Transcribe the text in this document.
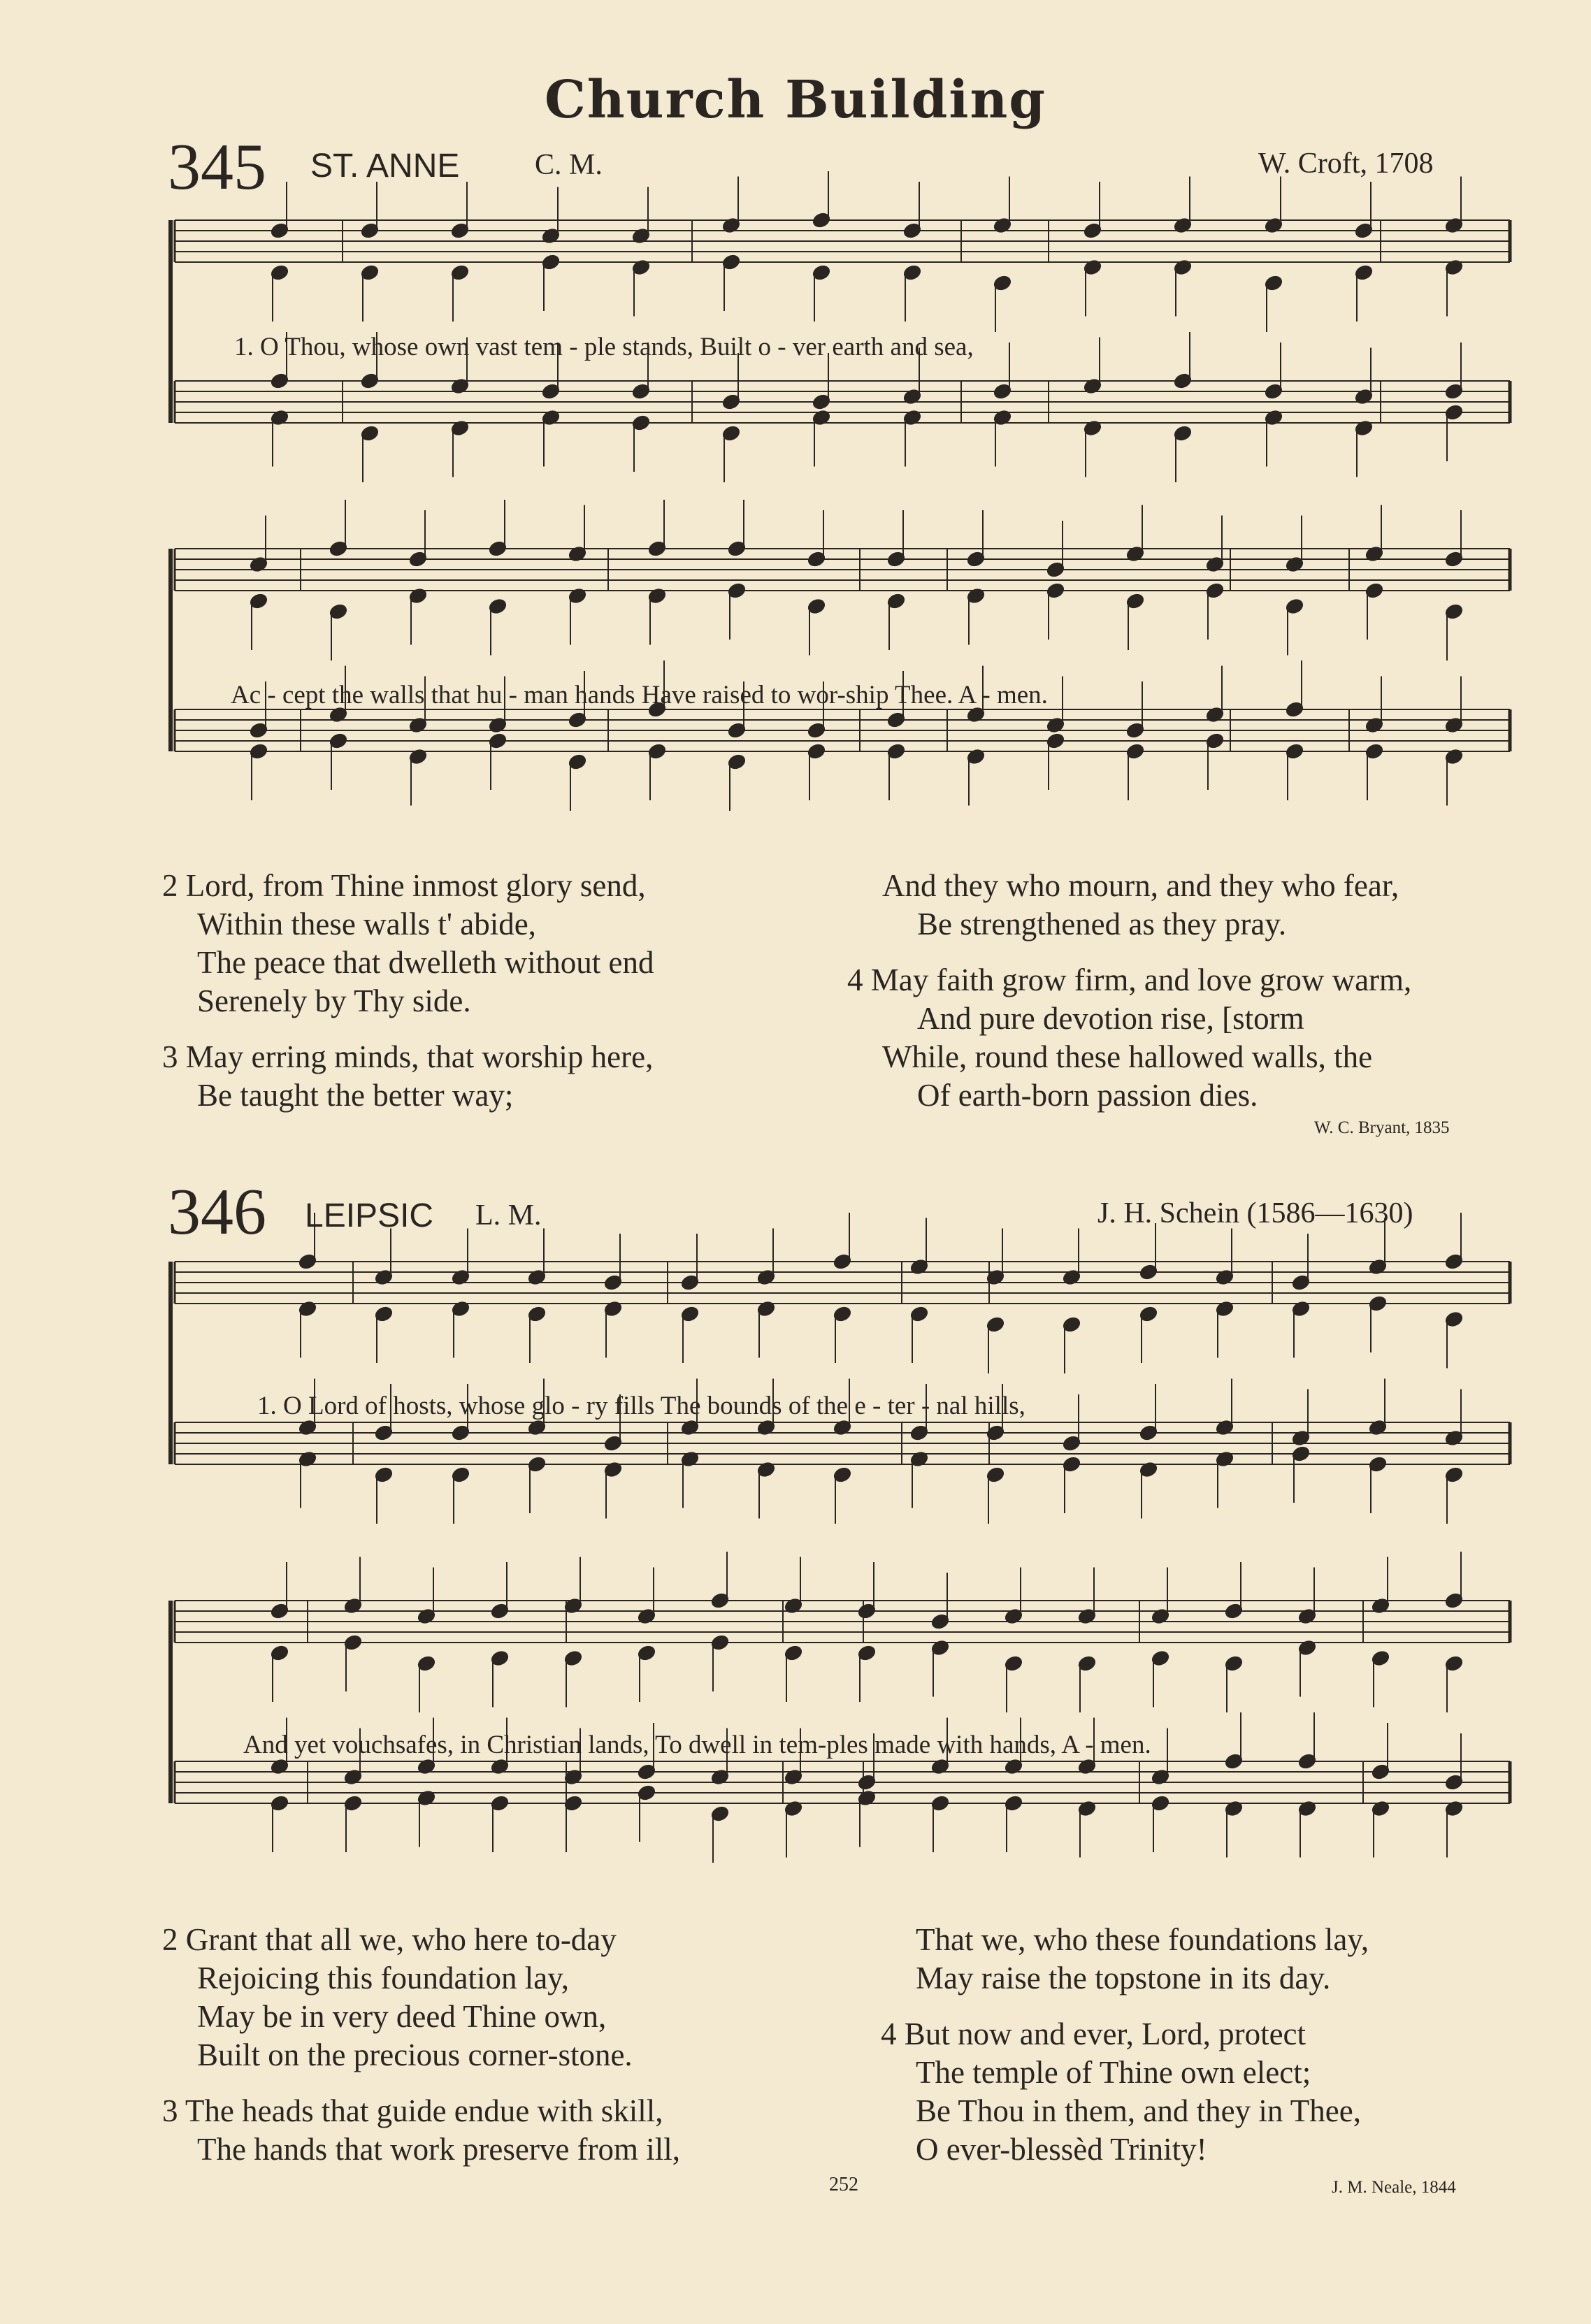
Church Building
345 ST. ANNE	C. M.	W. Croft, 1708
1. O Thou, whose own vast tem - ple stands, Built o - ver earth and sea,
Ac - cept the walls that hu - man hands Have raised to wor-ship Thee. A - men.
2 Lord, from Thine inmost glory send,
Within these walls t' abide,
The peace that dwelleth without end
Serenely by Thy side.
3 May erring minds, that worship here,
Be taught the better way;
And they who mourn, and they who fear,
Be strengthened as they pray.
4 May faith grow firm, and love grow warm,
And pure devotion rise, [storm
While, round these hallowed walls, the
Of earth-born passion dies.
W. C. Bryant, 1835
346 LEIPSIC L. M.	J. H. Schein (1586—1630)
1. O Lord of hosts, whose glo - ry fills The bounds of the e - ter - nal hills,
And yet vouchsafes, in Christian lands, To dwell in tem-ples made with hands, A - men.
2 Grant that all we, who here to-day
Rejoicing this foundation lay,
May be in very deed Thine own,
Built on the precious corner-stone.
3 The heads that guide endue with skill,
The hands that work preserve from ill,
That we, who these foundations lay,
May raise the topstone in its day.
4 But now and ever, Lord, protect
The temple of Thine own elect;
Be Thou in them, and they in Thee,
O ever-blessèd Trinity!
252	J. M. Neale, 1844
